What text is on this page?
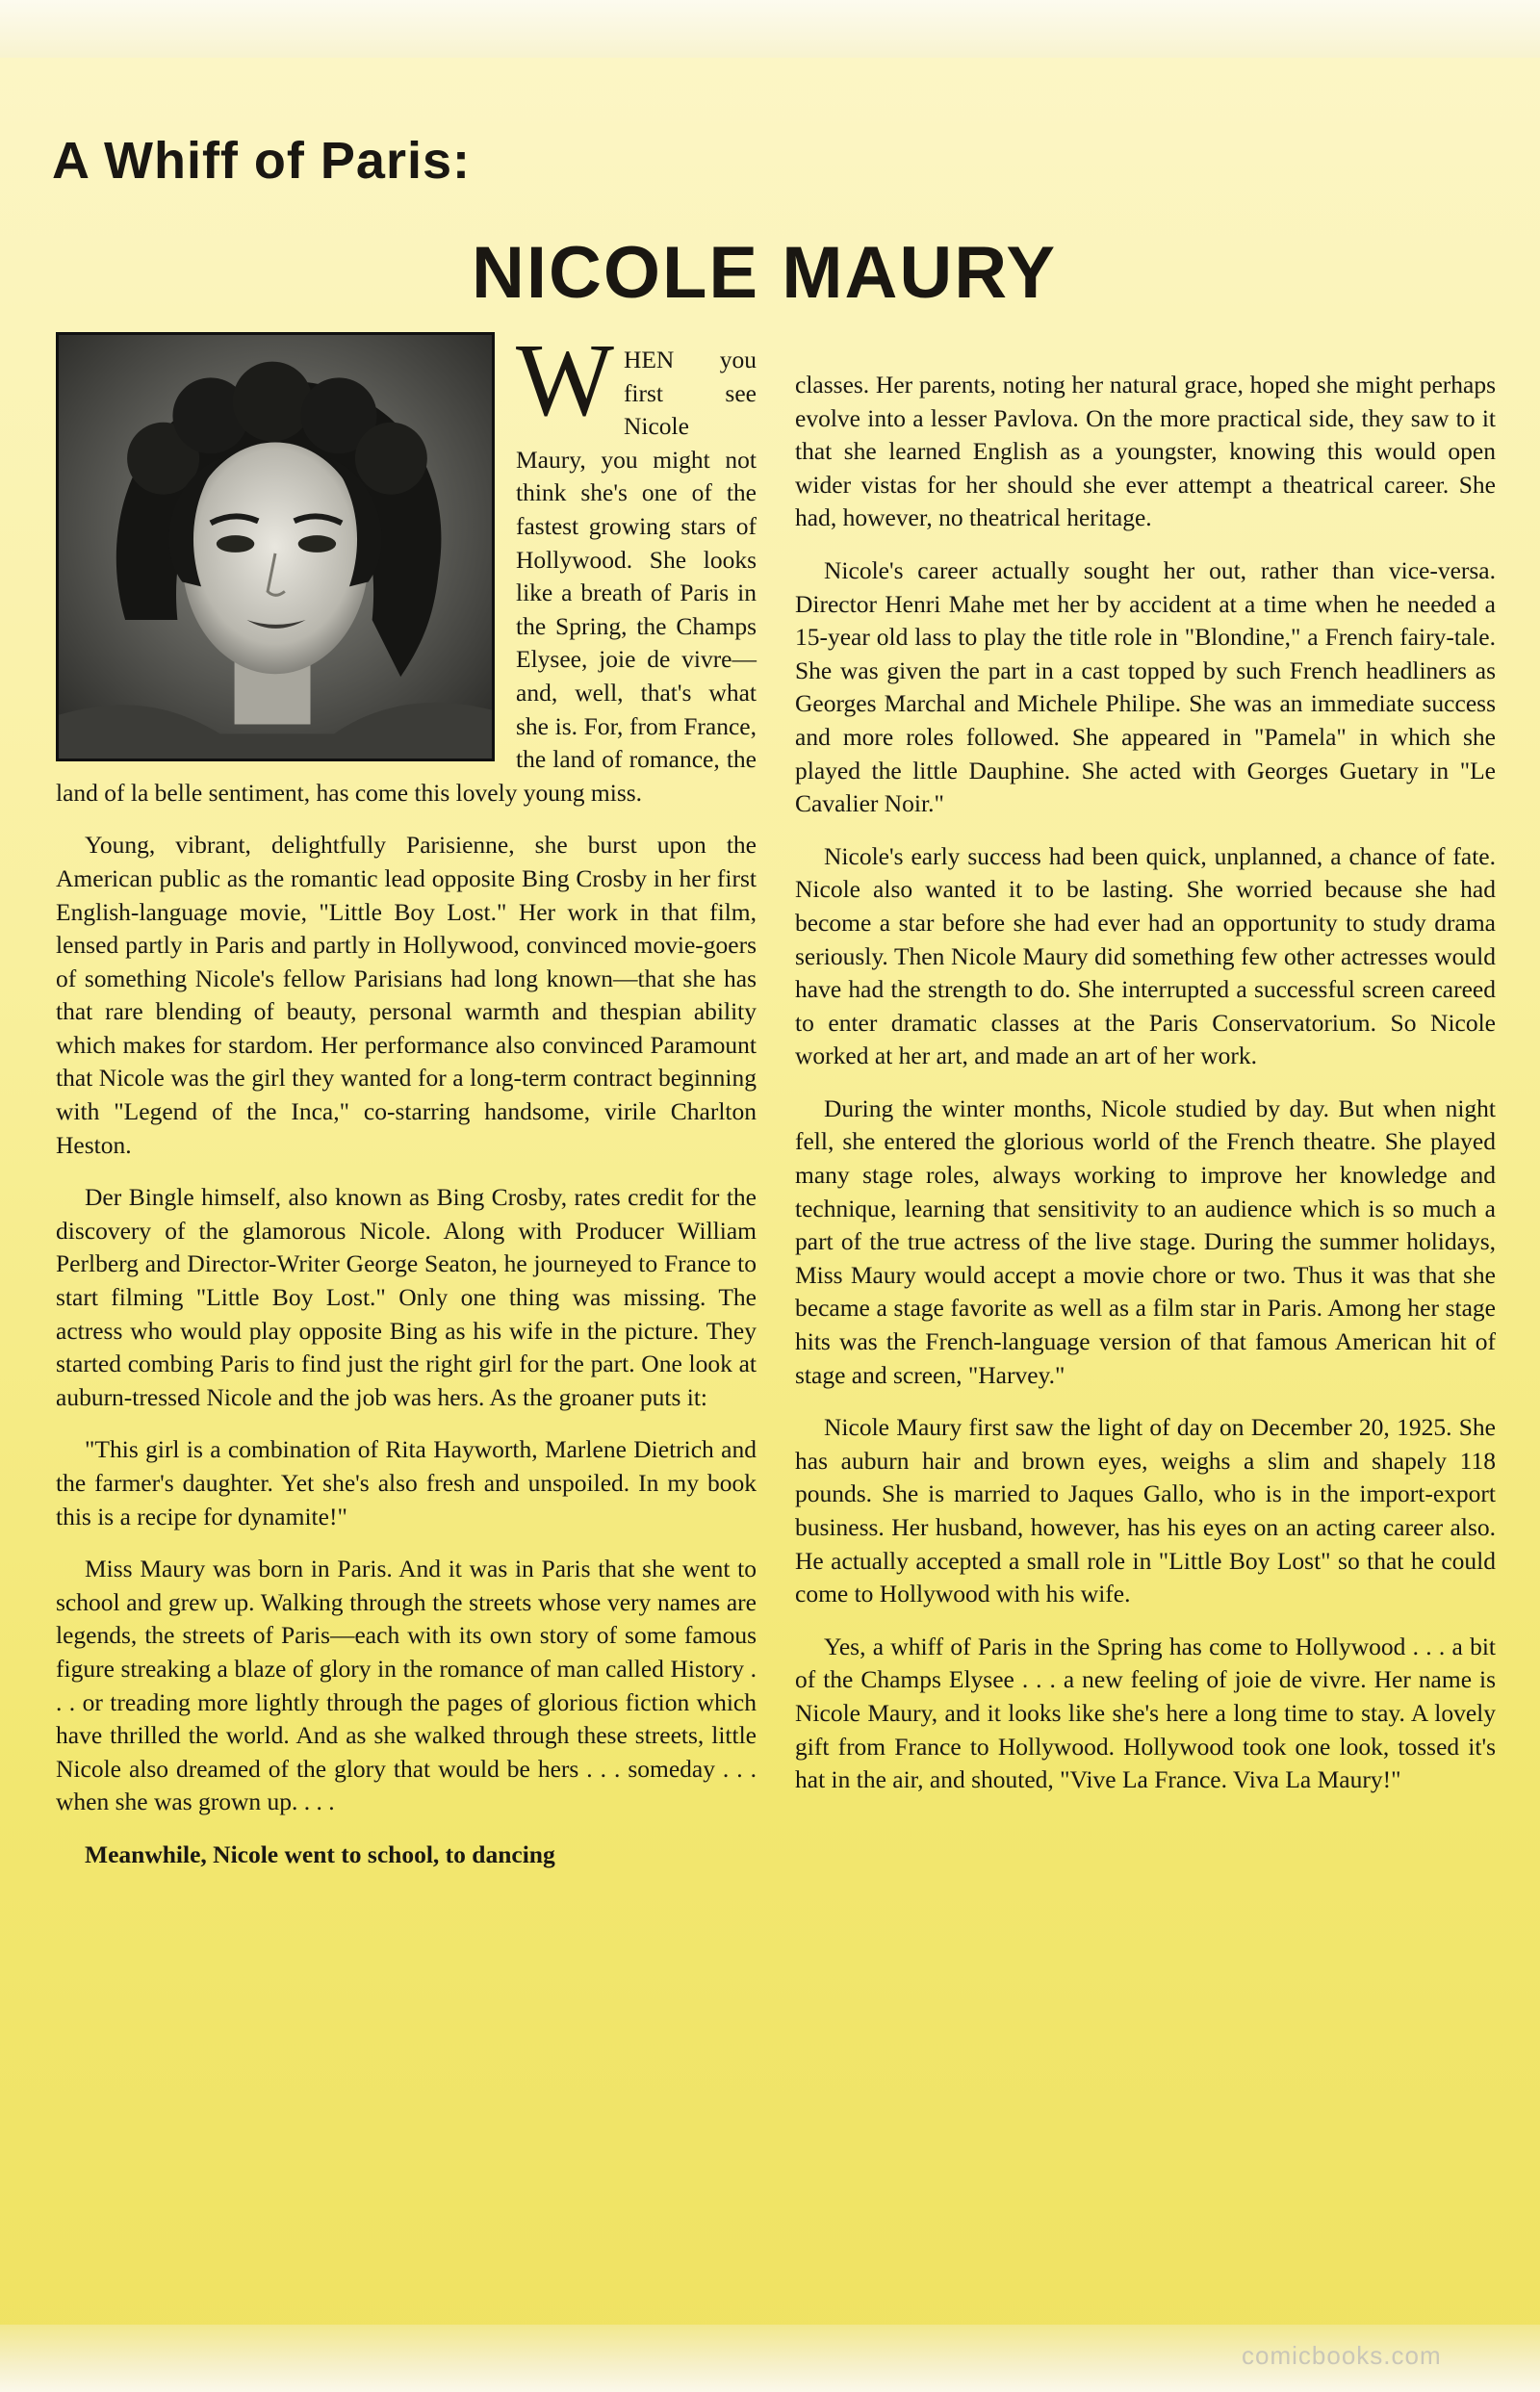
A Whiff of Paris:
NICOLE MAURY
W HEN you first see Nicole Maury, you might not think she's one of the fastest growing stars of Hollywood. She looks like a breath of Paris in the Spring, the Champs Elysee, joie de vivre—and, well, that's what she is. For, from France, the land of romance, the land of la belle sentiment, has come this lovely young miss.

Young, vibrant, delightfully Parisienne, she burst upon the American public as the romantic lead opposite Bing Crosby in her first English-language movie, "Little Boy Lost." Her work in that film, lensed partly in Paris and partly in Hollywood, convinced movie-goers of something Nicole's fellow Parisians had long known—that she has that rare blending of beauty, personal warmth and thespian ability which makes for stardom. Her performance also convinced Paramount that Nicole was the girl they wanted for a long-term contract beginning with "Legend of the Inca," co-starring handsome, virile Charlton Heston.

Der Bingle himself, also known as Bing Crosby, rates credit for the discovery of the glamorous Nicole. Along with Producer William Perlberg and Director-Writer George Seaton, he journeyed to France to start filming "Little Boy Lost." Only one thing was missing. The actress who would play opposite Bing as his wife in the picture. They started combing Paris to find just the right girl for the part. One look at auburn-tressed Nicole and the job was hers. As the groaner puts it:

"This girl is a combination of Rita Hayworth, Marlene Dietrich and the farmer's daughter. Yet she's also fresh and unspoiled. In my book this is a recipe for dynamite!"

Miss Maury was born in Paris. And it was in Paris that she went to school and grew up. Walking through the streets whose very names are legends, the streets of Paris—each with its own story of some famous figure streaking a blaze of glory in the romance of man called History . . . or treading more lightly through the pages of glorious fiction which have thrilled the world. And as she walked through these streets, little Nicole also dreamed of the glory that would be hers . . . someday . . . when she was grown up. . . .

Meanwhile, Nicole went to school, to dancing

classes. Her parents, noting her natural grace, hoped she might perhaps evolve into a lesser Pavlova. On the more practical side, they saw to it that she learned English as a youngster, knowing this would open wider vistas for her should she ever attempt a theatrical career. She had, however, no theatrical heritage.

Nicole's career actually sought her out, rather than vice-versa. Director Henri Mahe met her by accident at a time when he needed a 15-year old lass to play the title role in "Blondine," a French fairy-tale. She was given the part in a cast topped by such French headliners as Georges Marchal and Michele Philipe. She was an immediate success and more roles followed. She appeared in "Pamela" in which she played the little Dauphine. She acted with Georges Guetary in "Le Cavalier Noir."

Nicole's early success had been quick, unplanned, a chance of fate. Nicole also wanted it to be lasting. She worried because she had become a star before she had ever had an opportunity to study drama seriously. Then Nicole Maury did something few other actresses would have had the strength to do. She interrupted a successful screen careed to enter dramatic classes at the Paris Conservatorium. So Nicole worked at her art, and made an art of her work.

During the winter months, Nicole studied by day. But when night fell, she entered the glorious world of the French theatre. She played many stage roles, always working to improve her knowledge and technique, learning that sensitivity to an audience which is so much a part of the true actress of the live stage. During the summer holidays, Miss Maury would accept a movie chore or two. Thus it was that she became a stage favorite as well as a film star in Paris. Among her stage hits was the French-language version of that famous American hit of stage and screen, "Harvey."

Nicole Maury first saw the light of day on December 20, 1925. She has auburn hair and brown eyes, weighs a slim and shapely 118 pounds. She is married to Jaques Gallo, who is in the import-export business. Her husband, however, has his eyes on an acting career also. He actually accepted a small role in "Little Boy Lost" so that he could come to Hollywood with his wife.

Yes, a whiff of Paris in the Spring has come to Hollywood . . . a bit of the Champs Elysee . . . a new feeling of joie de vivre. Her name is Nicole Maury, and it looks like she's here a long time to stay. A lovely gift from France to Hollywood. Hollywood took one look, tossed it's hat in the air, and shouted, "Vive La France. Viva La Maury!"

comicbooks.com
